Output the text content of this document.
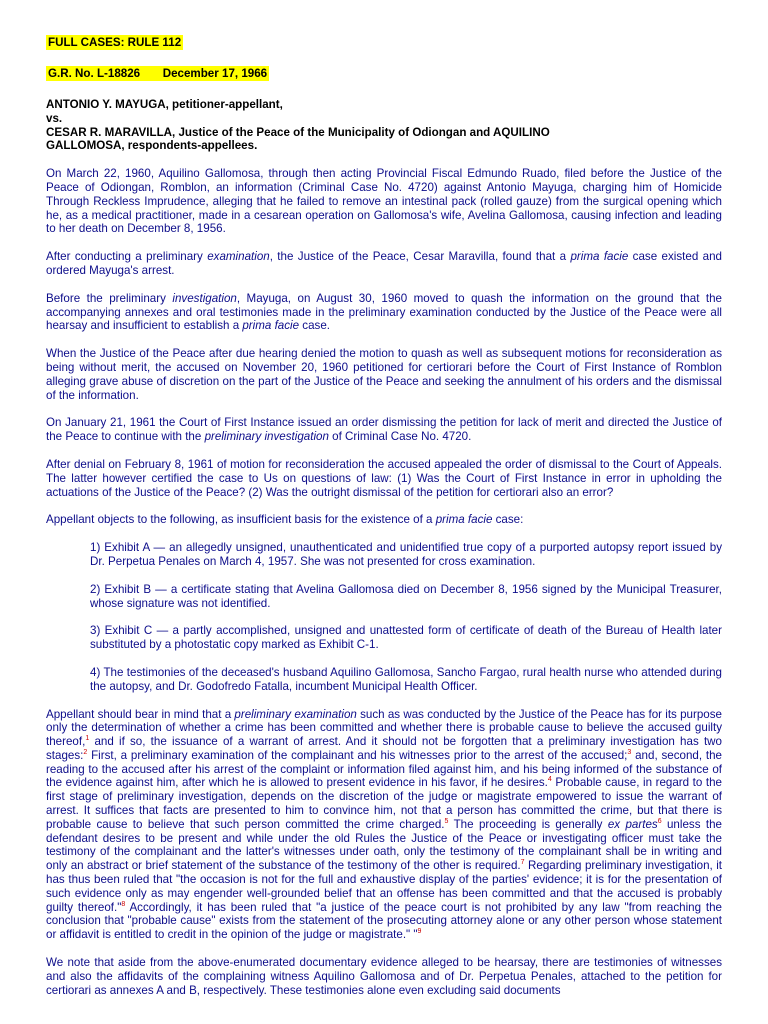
FULL CASES: RULE 112

G.R. No. L-18826 December 17, 1966

ANTONIO Y. MAYUGA, petitioner-appellant,
vs.
CESAR R. MARAVILLA, Justice of the Peace of the Municipality of Odiongan and AQUILINO
GALLOMOSA, respondents-appellees.

On March 22, 1960, Aquilino Gallomosa, through then acting Provincial Fiscal Edmundo Ruado, filed before the Justice of the Peace of Odiongan, Romblon, an information (Criminal Case No. 4720) against Antonio Mayuga, charging him of Homicide Through Reckless Imprudence, alleging that he failed to remove an intestinal pack (rolled gauze) from the surgical opening which he, as a medical practitioner, made in a cesarean operation on Gallomosa's wife, Avelina Gallomosa, causing infection and leading to her death on December 8, 1956.

After conducting a preliminary examination, the Justice of the Peace, Cesar Maravilla, found that a prima facie case existed and ordered Mayuga's arrest.

Before the preliminary investigation, Mayuga, on August 30, 1960 moved to quash the information on the ground that the accompanying annexes and oral testimonies made in the preliminary examination conducted by the Justice of the Peace were all hearsay and insufficient to establish a prima facie case.

When the Justice of the Peace after due hearing denied the motion to quash as well as subsequent motions for reconsideration as being without merit, the accused on November 20, 1960 petitioned for certiorari before the Court of First Instance of Romblon alleging grave abuse of discretion on the part of the Justice of the Peace and seeking the annulment of his orders and the dismissal of the information.

On January 21, 1961 the Court of First Instance issued an order dismissing the petition for lack of merit and directed the Justice of the Peace to continue with the preliminary investigation of Criminal Case No. 4720.

After denial on February 8, 1961 of motion for reconsideration the accused appealed the order of dismissal to the Court of Appeals. The latter however certified the case to Us on questions of law: (1) Was the Court of First Instance in error in upholding the actuations of the Justice of the Peace? (2) Was the outright dismissal of the petition for certiorari also an error?

Appellant objects to the following, as insufficient basis for the existence of a prima facie case:

1) Exhibit A — an allegedly unsigned, unauthenticated and unidentified true copy of a purported autopsy report issued by Dr. Perpetua Penales on March 4, 1957. She was not presented for cross examination.

2) Exhibit B — a certificate stating that Avelina Gallomosa died on December 8, 1956 signed by the Municipal Treasurer, whose signature was not identified.

3) Exhibit C — a partly accomplished, unsigned and unattested form of certificate of death of the Bureau of Health later substituted by a photostatic copy marked as Exhibit C-1.

4) The testimonies of the deceased's husband Aquilino Gallomosa, Sancho Fargao, rural health nurse who attended during the autopsy, and Dr. Godofredo Fatalla, incumbent Municipal Health Officer.

Appellant should bear in mind that a preliminary examination such as was conducted by the Justice of the Peace has for its purpose only the determination of whether a crime has been committed and whether there is probable cause to believe the accused guilty thereof,$^1$ and if so, the issuance of a warrant of arrest. And it should not be forgotten that a preliminary investigation has two stages:$^2$ First, a preliminary examination of the complainant and his witnesses prior to the arrest of the accused;$^3$ and, second, the reading to the accused after his arrest of the complaint or information filed against him, and his being informed of the substance of the evidence against him, after which he is allowed to present evidence in his favor, if he desires.$^4$ Probable cause, in regard to the first stage of preliminary investigation, depends on the discretion of the judge or magistrate empowered to issue the warrant of arrest. It suffices that facts are presented to him to convince him, not that a person has committed the crime, but that there is probable cause to believe that such person committed the crime charged.$^5$ The proceeding is generally ex partes$^6$ unless the defendant desires to be present and while under the old Rules the Justice of the Peace or investigating officer must take the testimony of the complainant and the latter's witnesses under oath, only the testimony of the complainant shall be in writing and only an abstract or brief statement of the substance of the testimony of the other is required.$^7$ Regarding preliminary investigation, it has thus been ruled that "the occasion is not for the full and exhaustive display of the parties' evidence; it is for the presentation of such evidence only as may engender well-grounded belief that an offense has been committed and that the accused is probably guilty thereof."$^8$ Accordingly, it has been ruled that "a justice of the peace court is not prohibited by any law "from reaching the conclusion that "probable cause" exists from the statement of the prosecuting attorney alone or any other person whose statement or affidavit is entitled to credit in the opinion of the judge or magistrate." "$^9$

We note that aside from the above-enumerated documentary evidence alleged to be hearsay, there are testimonies of witnesses and also the affidavits of the complaining witness Aquilino Gallomosa and of Dr. Perpetua Penales, attached to the petition for certiorari as annexes A and B, respectively. These testimonies alone even excluding said documents
